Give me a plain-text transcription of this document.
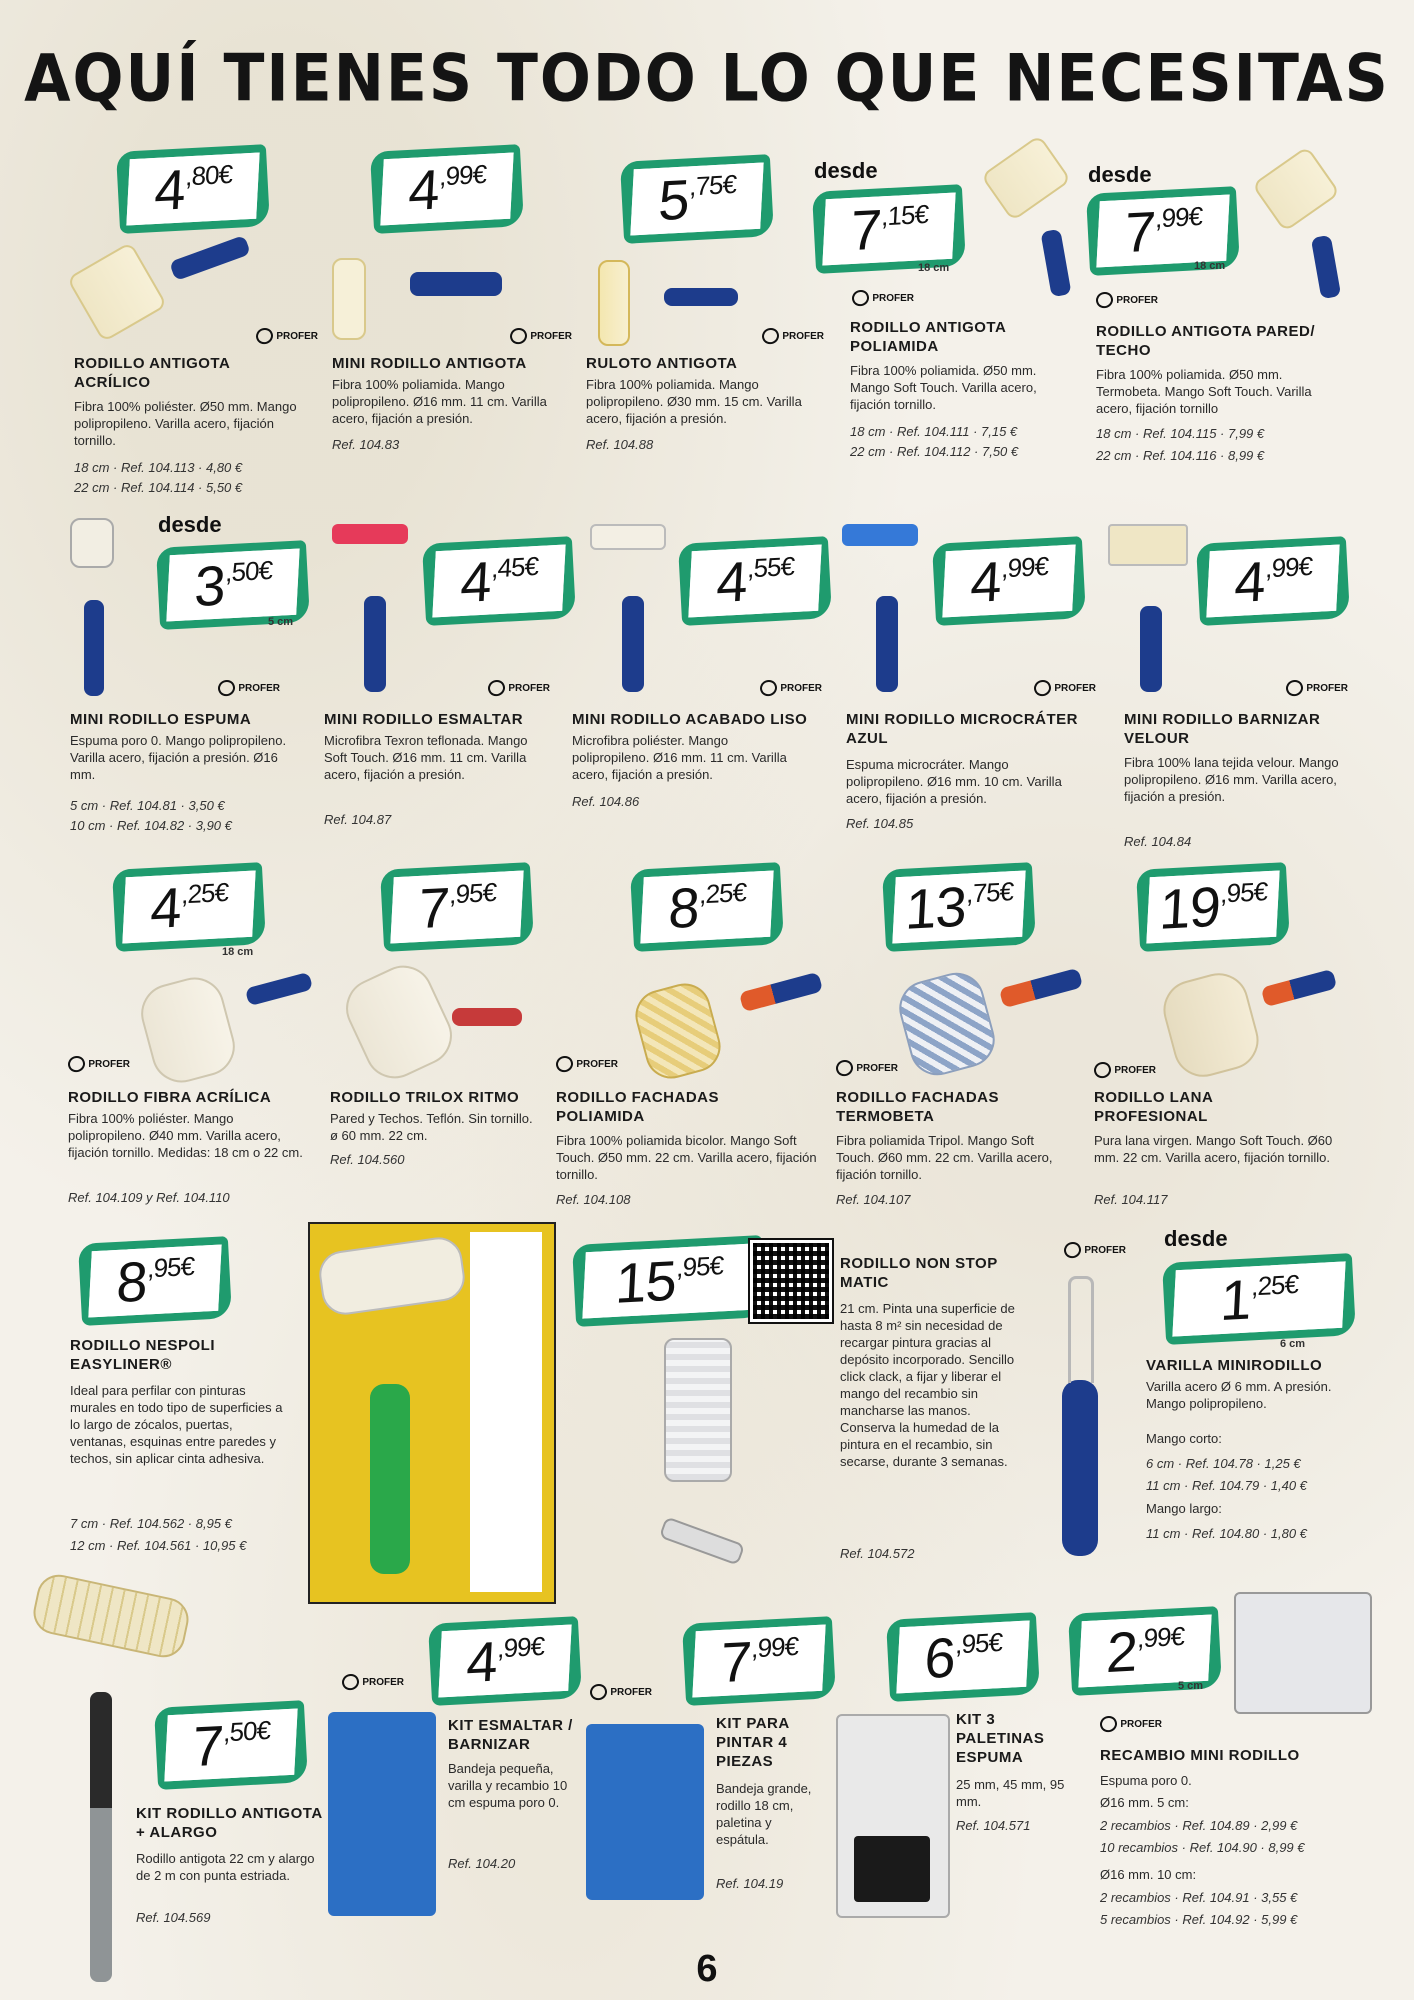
AQUÍ TIENES TODO LO QUE NECESITAS
$4^{,80€}$
PROFER
RODILLO ANTIGOTA ACRÍLICO
Fibra 100% poliéster. Ø50 mm. Mango polipropileno. Varilla acero, fijación tornillo.
18 cm · Ref. 104.113 · 4,80 €
22 cm · Ref. 104.114 · 5,50 €
$4^{,99€}$
PROFER
MINI RODILLO ANTIGOTA
Fibra 100% poliamida. Mango polipropileno. Ø16 mm. 11 cm. Varilla acero, fijación a presión.
Ref. 104.83
$5^{,75€}$
PROFER
RULOTO ANTIGOTA
Fibra 100% poliamida. Mango polipropileno. Ø30 mm. 15 cm. Varilla acero, fijación a presión.
Ref. 104.88
desde
$7^{,15€}$
18 cm
PROFER
RODILLO ANTIGOTA POLIAMIDA
Fibra 100% poliamida. Ø50 mm. Mango Soft Touch. Varilla acero, fijación tornillo.
18 cm · Ref. 104.111 · 7,15 €
22 cm · Ref. 104.112 · 7,50 €
desde
$7^{,99€}$
18 cm
PROFER
RODILLO ANTIGOTA PARED/ TECHO
Fibra 100% poliamida. Ø50 mm. Termobeta. Mango Soft Touch. Varilla acero, fijación tornillo
18 cm · Ref. 104.115 · 7,99 €
22 cm · Ref. 104.116 · 8,99 €
desde
$3^{,50€}$
5 cm
PROFER
MINI RODILLO ESPUMA
Espuma poro 0. Mango polipropileno. Varilla acero, fijación a presión. Ø16 mm.
5 cm · Ref. 104.81 · 3,50 €
10 cm · Ref. 104.82 · 3,90 €
$4^{,45€}$
PROFER
MINI RODILLO ESMALTAR
Microfibra Texron teflonada. Mango Soft Touch. Ø16 mm. 11 cm. Varilla acero, fijación a presión.
Ref. 104.87
$4^{,55€}$
PROFER
MINI RODILLO ACABADO LISO
Microfibra poliéster. Mango polipropileno. Ø16 mm. 11 cm. Varilla acero, fijación a presión.
Ref. 104.86
$4^{,99€}$
PROFER
MINI RODILLO MICROCRÁTER AZUL
Espuma microcráter. Mango polipropileno. Ø16 mm. 10 cm. Varilla acero, fijación a presión.
Ref. 104.85
$4^{,99€}$
PROFER
MINI RODILLO BARNIZAR VELOUR
Fibra 100% lana tejida velour. Mango polipropileno. Ø16 mm. Varilla acero, fijación a presión.
Ref. 104.84
$4^{,25€}$
18 cm
PROFER
RODILLO FIBRA ACRÍLICA
Fibra 100% poliéster. Mango polipropileno. Ø40 mm. Varilla acero, fijación tornillo. Medidas: 18 cm o 22 cm.
Ref. 104.109 y Ref. 104.110
$7^{,95€}$
RODILLO TRILOX RITMO
Pared y Techos. Teflón. Sin tornillo. ø 60 mm. 22 cm.
Ref. 104.560
$8^{,25€}$
PROFER
RODILLO FACHADAS POLIAMIDA
Fibra 100% poliamida bicolor. Mango Soft Touch. Ø50 mm. 22 cm. Varilla acero, fijación tornillo.
Ref. 104.108
$13^{,75€}$
PROFER
RODILLO FACHADAS TERMOBETA
Fibra poliamida Tripol. Mango Soft Touch. Ø60 mm. 22 cm. Varilla acero, fijación tornillo.
Ref. 104.107
$19^{,95€}$
PROFER
RODILLO LANA PROFESIONAL
Pura lana virgen. Mango Soft Touch. Ø60 mm. 22 cm. Varilla acero, fijación tornillo.
Ref. 104.117
$8^{,95€}$
RODILLO NESPOLI EASYLINER®
Ideal para perfilar con pinturas murales en todo tipo de superficies a lo largo de zócalos, puertas, ventanas, esquinas entre paredes y techos, sin aplicar cinta adhesiva.
7 cm · Ref. 104.562 · 8,95 €
12 cm · Ref. 104.561 · 10,95 €
$15^{,95€}$	RODILLO NON STOP MATIC
21 cm. Pinta una superficie de hasta 8 m² sin necesidad de recargar pintura gracias al depósito incorporado. Sencillo click clack, a fijar y liberar el mango del recambio sin mancharse las manos. Conserva la humedad de la pintura en el recambio, sin secarse, durante 3 semanas.
Ref. 104.572
PROFER desde
$1^{,25€}$
6 cm
VARILLA MINIRODILLO
Varilla acero Ø 6 mm. A presión. Mango polipropileno.
Mango corto:
6 cm · Ref. 104.78 · 1,25 €
11 cm · Ref. 104.79 · 1,40 €
Mango largo:
11 cm · Ref. 104.80 · 1,80 €
$7^{,50€}$
KIT RODILLO ANTIGOTA + ALARGO
Rodillo antigota 22 cm y alargo de 2 m con punta estriada.
Ref. 104.569
$4^{,99€}$
PROFER
KIT ESMALTAR / BARNIZAR
Bandeja pequeña, varilla y recambio 10 cm espuma poro 0.
Ref. 104.20
$7^{,99€}$
PROFER
KIT PARA PINTAR 4 PIEZAS
Bandeja grande, rodillo 18 cm, paletina y espátula.
Ref. 104.19
$6^{,95€}$
KIT 3 PALETINAS ESPUMA
25 mm, 45 mm, 95 mm.
Ref. 104.571
$2^{,99€}$
5 cm
PROFER
RECAMBIO MINI RODILLO
Espuma poro 0.
Ø16 mm. 5 cm:
2 recambios · Ref. 104.89 · 2,99 €
10 recambios · Ref. 104.90 · 8,99 €
Ø16 mm. 10 cm:
2 recambios · Ref. 104.91 · 3,55 €
5 recambios · Ref. 104.92 · 5,99 €
6
